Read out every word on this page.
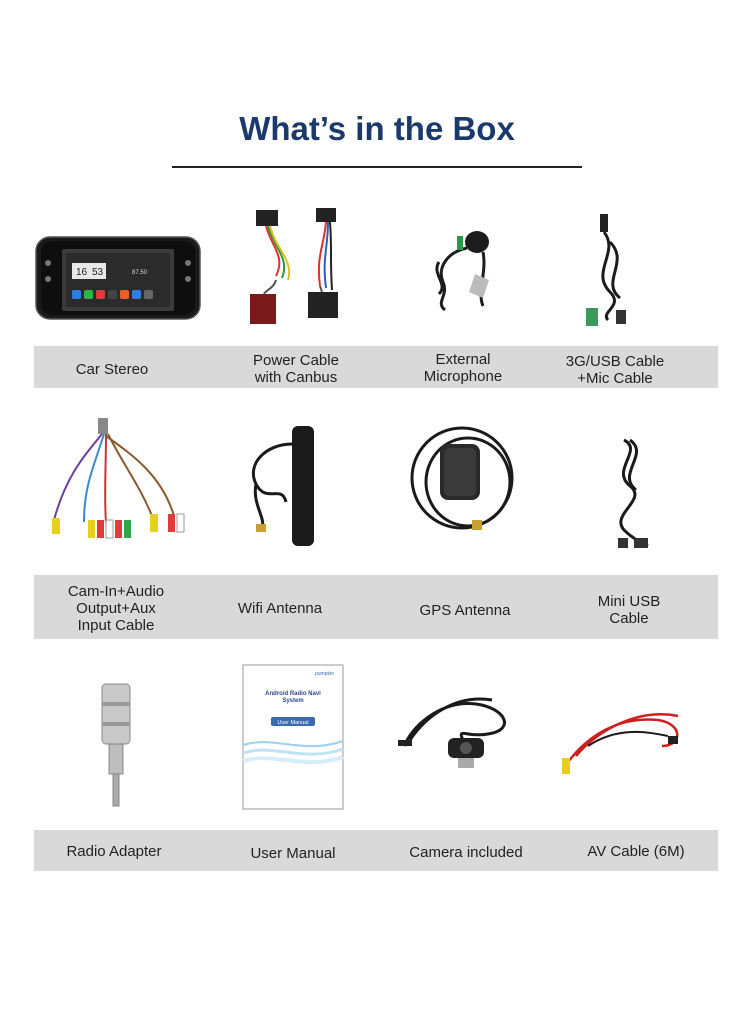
What’s in the Box
16 53	87.50
Car Stereo
Power Cable
with Canbus
External
Microphone
3G/USB Cable
+Mic Cable
Cam-In+Audio
Output+Aux
Input Cable
Wifi Antenna	GPS Antenna
Mini USB
Cable
pumpkin
Android Radio Navi System
User Manual
Radio Adapter	User Manual	Camera included	AV Cable (6M)
